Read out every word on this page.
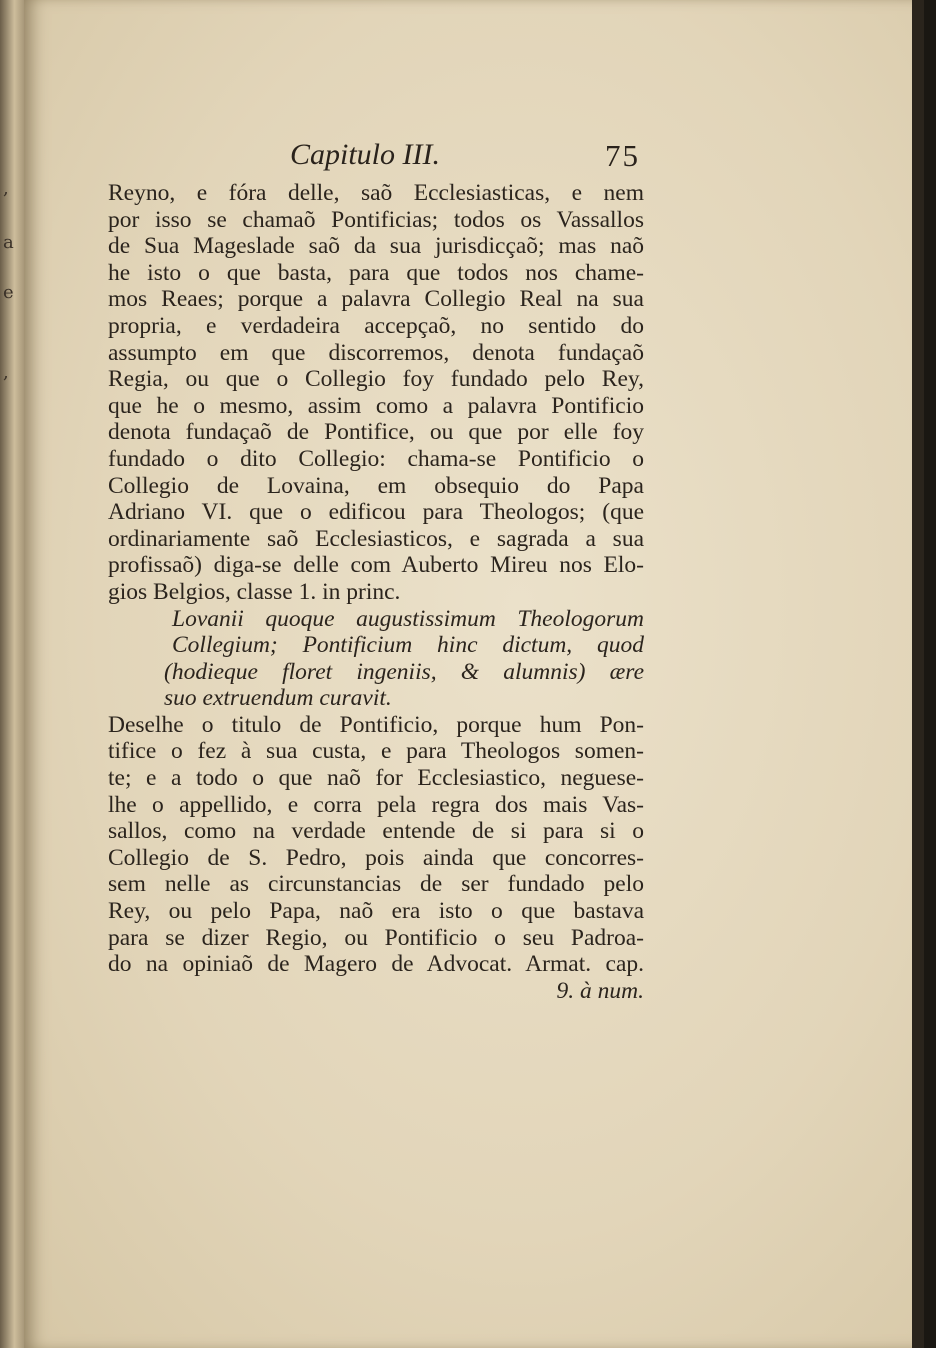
,
a
e
,
Capitulo III.	75
Reyno, e fóra delle, saõ Ecclesiasticas, e nem
por isso se chamaõ Pontificias; todos os Vassallos
de Sua Mageslade saõ da sua jurisdicçaõ; mas naõ
he isto o que basta, para que todos nos chame-
mos Reaes; porque a palavra Collegio Real na sua
propria, e verdadeira accepçaõ, no sentido do
assumpto em que discorremos, denota fundaçaõ
Regia, ou que o Collegio foy fundado pelo Rey,
que he o mesmo, assim como a palavra Pontificio
denota fundaçaõ de Pontifice, ou que por elle foy
fundado o dito Collegio: chama-se Pontificio o
Collegio de Lovaina, em obsequio do Papa
Adriano VI. que o edificou para Theologos; (que
ordinariamente saõ Ecclesiasticos, e sagrada a sua
profissaõ) diga-se delle com Auberto Mireu nos Elo-
gios Belgios, classe 1. in princ.
Lovanii quoque augustissimum Theologorum
Collegium; Pontificium hinc dictum, quod
(hodieque floret ingeniis, & alumnis) ære
suo extruendum curavit.
Deselhe o titulo de Pontificio, porque hum Pon-
tifice o fez à sua custa, e para Theologos somen-
te; e a todo o que naõ for Ecclesiastico, neguese-
lhe o appellido, e corra pela regra dos mais Vas-
sallos, como na verdade entende de si para si o
Collegio de S. Pedro, pois ainda que concorres-
sem nelle as circunstancias de ser fundado pelo
Rey, ou pelo Papa, naõ era isto o que bastava
para se dizer Regio, ou Pontificio o seu Padroa-
do na opiniaõ de Magero de Advocat. Armat. cap.
9. à num.
